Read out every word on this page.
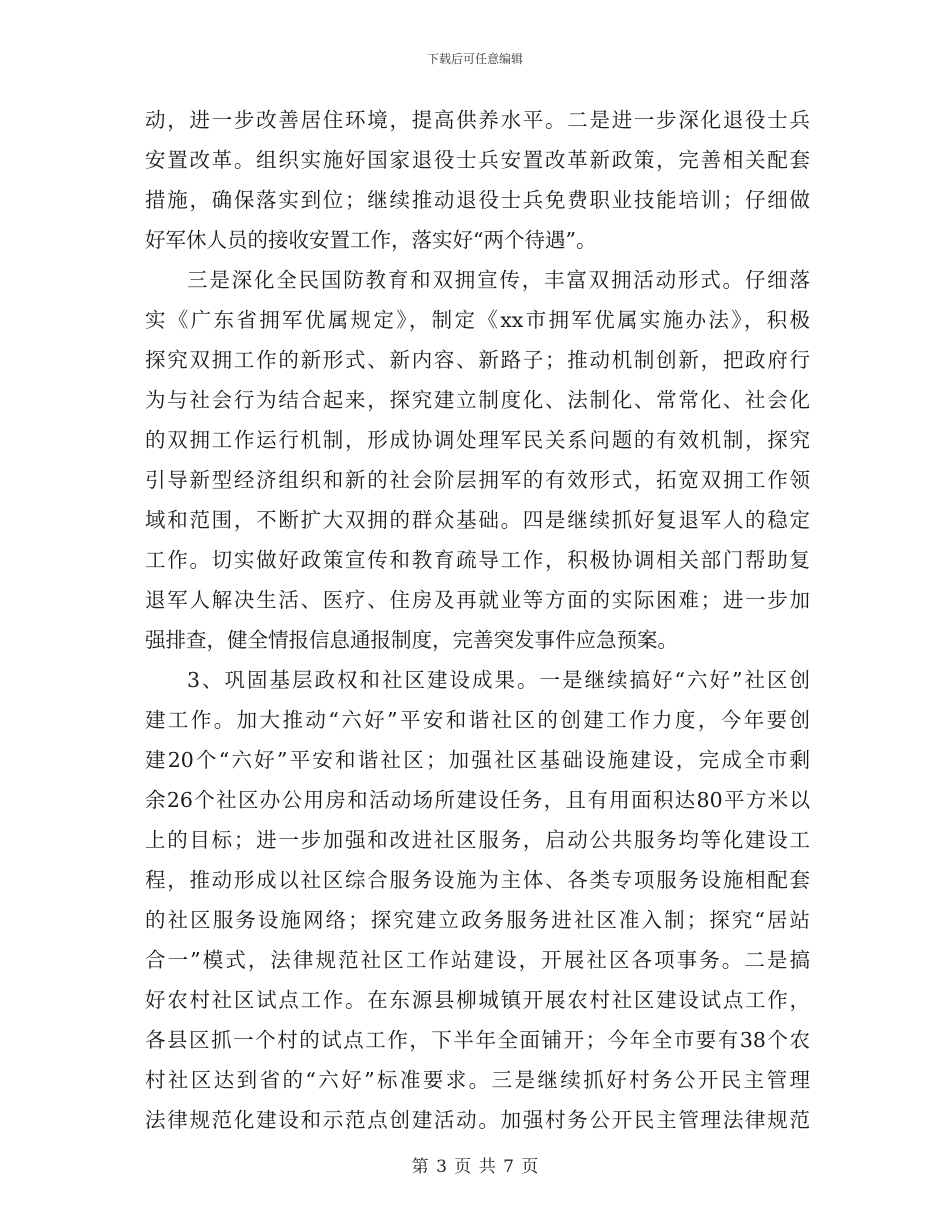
下载后可任意编辑
动，进一步改善居住环境，提高供养水平。二是进一步深化退役士兵
安置改革。组织实施好国家退役士兵安置改革新政策，完善相关配套
措施，确保落实到位；继续推动退役士兵免费职业技能培训；仔细做
好军休人员的接收安置工作，落实好“两个待遇”。
三是深化全民国防教育和双拥宣传，丰富双拥活动形式。仔细落
实《广东省拥军优属规定》，制定《xx市拥军优属实施办法》，积极
探究双拥工作的新形式、新内容、新路子；推动机制创新，把政府行
为与社会行为结合起来，探究建立制度化、法制化、常常化、社会化
的双拥工作运行机制，形成协调处理军民关系问题的有效机制，探究
引导新型经济组织和新的社会阶层拥军的有效形式，拓宽双拥工作领
域和范围，不断扩大双拥的群众基础。四是继续抓好复退军人的稳定
工作。切实做好政策宣传和教育疏导工作，积极协调相关部门帮助复
退军人解决生活、医疗、住房及再就业等方面的实际困难；进一步加
强排查，健全情报信息通报制度，完善突发事件应急预案。
3、巩固基层政权和社区建设成果。一是继续搞好“六好”社区创
建工作。加大推动“六好”平安和谐社区的创建工作力度，今年要创
建20个“六好”平安和谐社区；加强社区基础设施建设，完成全市剩
余26个社区办公用房和活动场所建设任务，且有用面积达80平方米以
上的目标；进一步加强和改进社区服务，启动公共服务均等化建设工
程，推动形成以社区综合服务设施为主体、各类专项服务设施相配套
的社区服务设施网络；探究建立政务服务进社区准入制；探究“居站
合一”模式，法律规范社区工作站建设，开展社区各项事务。二是搞
好农村社区试点工作。在东源县柳城镇开展农村社区建设试点工作，
各县区抓一个村的试点工作，下半年全面铺开；今年全市要有38个农
村社区达到省的“六好”标准要求。三是继续抓好村务公开民主管理
法律规范化建设和示范点创建活动。加强村务公开民主管理法律规范
第 3 页 共 7 页
